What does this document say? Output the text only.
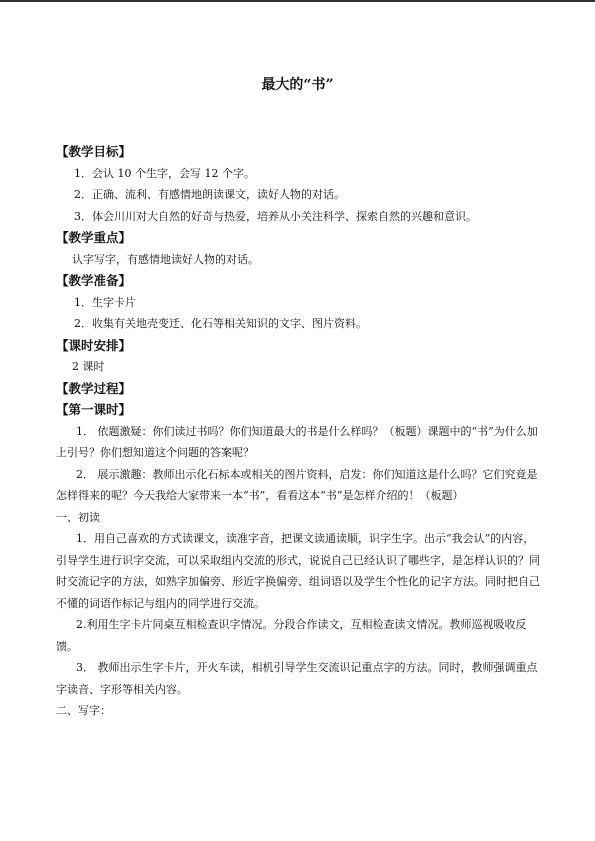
最大的“书”

【教学目标】

1．会认 10 个生字，会写 12 个字。

2．正确、流利、有感情地朗读课文，读好人物的对话。

3．体会川川对大自然的好奇与热爱，培养从小关注科学、探索自然的兴趣和意识。

【教学重点】

认字写字，有感情地读好人物的对话。

【教学准备】

1．生字卡片

2．收集有关地壳变迁、化石等相关知识的文字、图片资料。

【课时安排】

2 课时

【教学过程】

【第一课时】

1． 依题激疑：你们读过书吗？你们知道最大的书是什么样吗？（板题）课题中的“书”为什么加上引号？你们想知道这个问题的答案呢？

2． 展示激趣：教师出示化石标本或相关的图片资料，启发：你们知道这是什么吗？它们究竟是怎样得来的呢？今天我给大家带来一本“书”，看看这本“书”是怎样介绍的！（板题）

一、初读

1．用自己喜欢的方式读课文，读准字音，把课文读通读顺，识字生字。出示“我会认”的内容，引导学生进行识字交流，可以采取组内交流的形式，说说自己已经认识了哪些字，是怎样认识的？同时交流记字的方法，如熟字加偏旁、形近字换偏旁、组词语以及学生个性化的记字方法。同时把自己不懂的词语作标记与组内的同学进行交流。

2.利用生字卡片同桌互相检查识字情况。分段合作读文，互相检查读文情况。教师巡视吸收反馈。

3． 教师出示生字卡片，开火车读，相机引导学生交流识记重点字的方法。同时，教师强调重点字读音、字形等相关内容。

二、写字：
